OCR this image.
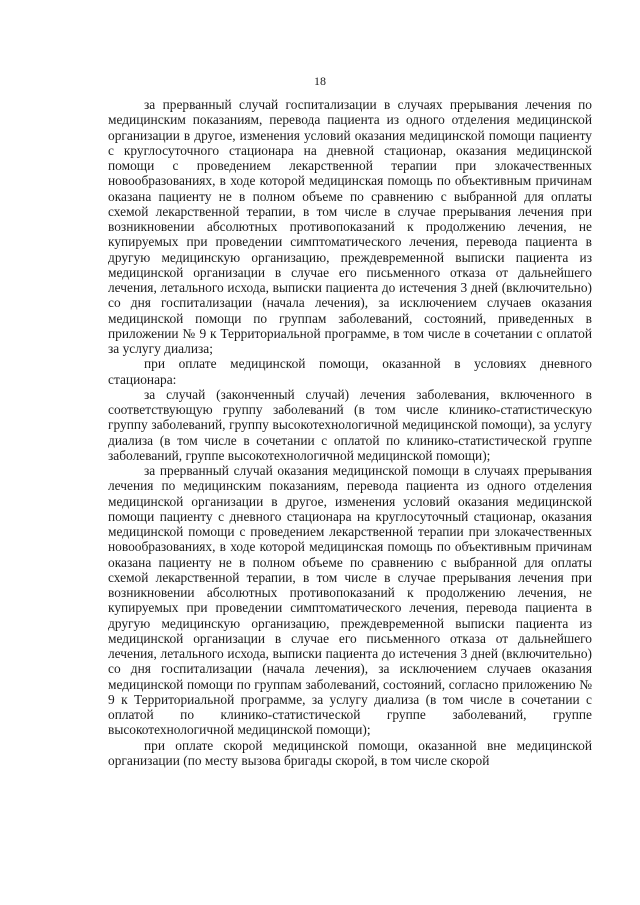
18

за прерванный случай госпитализации в случаях прерывания лечения по медицинским показаниям, перевода пациента из одного отделения медицинской организации в другое, изменения условий оказания медицинской помощи пациенту с круглосуточного стационара на дневной стационар, оказания медицинской помощи с проведением лекарственной терапии при злокачественных новообразованиях, в ходе которой медицинская помощь по объективным причинам оказана пациенту не в полном объеме по сравнению с выбранной для оплаты схемой лекарственной терапии, в том числе в случае прерывания лечения при возникновении абсолютных противопоказаний к продолжению лечения, не купируемых при проведении симптоматического лечения, перевода пациента в другую медицинскую организацию, преждевременной выписки пациента из медицинской организации в случае его письменного отказа от дальнейшего лечения, летального исхода, выписки пациента до истечения 3 дней (включительно) со дня госпитализации (начала лечения), за исключением случаев оказания медицинской помощи по группам заболеваний, состояний, приведенных в приложении № 9 к Территориальной программе, в том числе в сочетании с оплатой за услугу диализа;

при оплате медицинской помощи, оказанной в условиях дневного стационара:

за случай (законченный случай) лечения заболевания, включенного в соответствующую группу заболеваний (в том числе клинико-статистическую группу заболеваний, группу высокотехнологичной медицинской помощи), за услугу диализа (в том числе в сочетании с оплатой по клинико-статистической группе заболеваний, группе высокотехнологичной медицинской помощи);

за прерванный случай оказания медицинской помощи в случаях прерывания лечения по медицинским показаниям, перевода пациента из одного отделения медицинской организации в другое, изменения условий оказания медицинской помощи пациенту с дневного стационара на круглосуточный стационар, оказания медицинской помощи с проведением лекарственной терапии при злокачественных новообразованиях, в ходе которой медицинская помощь по объективным причинам оказана пациенту не в полном объеме по сравнению с выбранной для оплаты схемой лекарственной терапии, в том числе в случае прерывания лечения при возникновении абсолютных противопоказаний к продолжению лечения, не купируемых при проведении симптоматического лечения, перевода пациента в другую медицинскую организацию, преждевременной выписки пациента из медицинской организации в случае его письменного отказа от дальнейшего лечения, летального исхода, выписки пациента до истечения 3 дней (включительно) со дня госпитализации (начала лечения), за исключением случаев оказания медицинской помощи по группам заболеваний, состояний, согласно приложению № 9 к Территориальной программе, за услугу диализа (в том числе в сочетании с оплатой по клинико-статистической группе заболеваний, группе высокотехнологичной медицинской помощи);

при оплате скорой медицинской помощи, оказанной вне медицинской организации (по месту вызова бригады скорой, в том числе скорой
